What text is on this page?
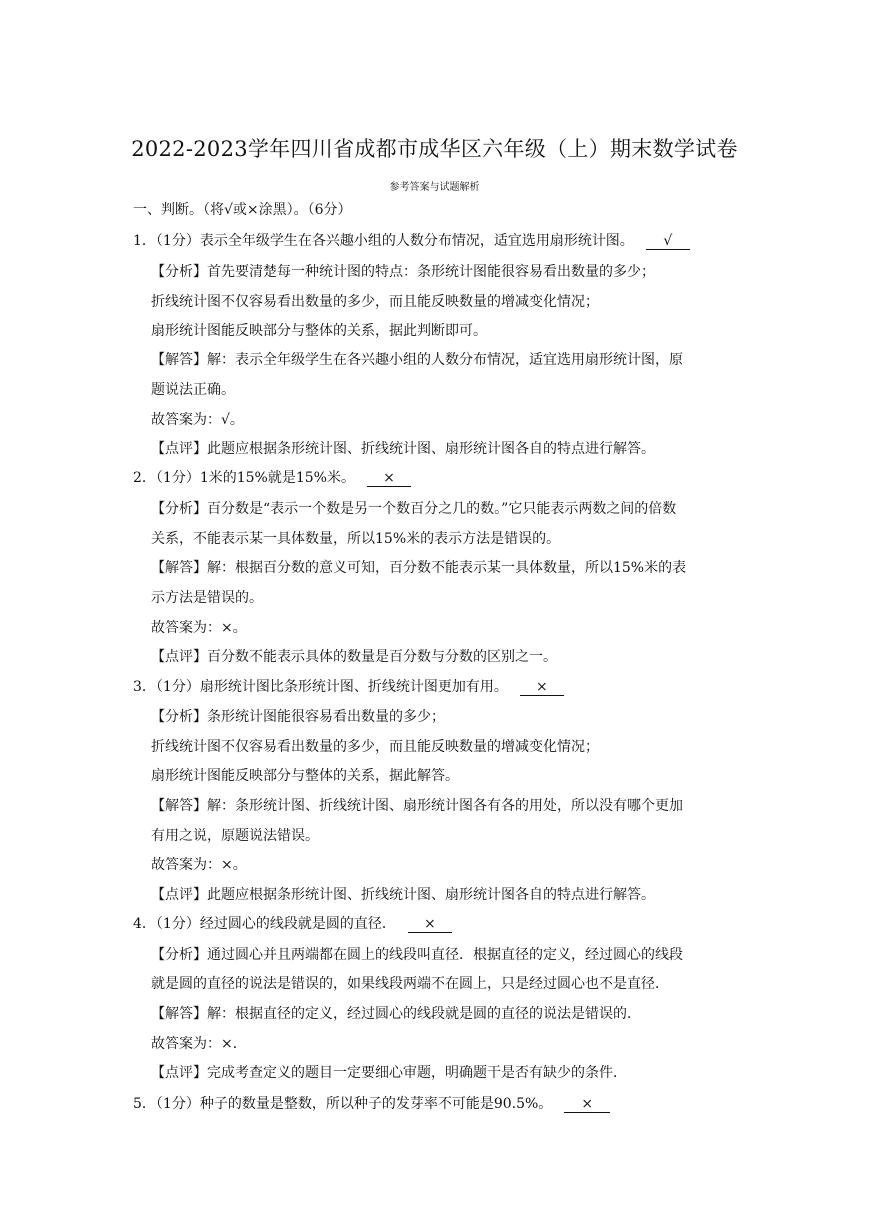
2022-2023学年四川省成都市成华区六年级（上）期末数学试卷
参考答案与试题解析
一、判断。（将√或×涂黑）。（6分）
1．（1分）表示全年级学生在各兴趣小组的人数分布情况，适宜选用扇形统计图。 √
【分析】首先要清楚每一种统计图的特点：条形统计图能很容易看出数量的多少；
折线统计图不仅容易看出数量的多少，而且能反映数量的增减变化情况；
扇形统计图能反映部分与整体的关系，据此判断即可。
【解答】解：表示全年级学生在各兴趣小组的人数分布情况，适宜选用扇形统计图，原
题说法正确。
故答案为：√。
【点评】此题应根据条形统计图、折线统计图、扇形统计图各自的特点进行解答。
2．（1分）1米的15%就是15%米。 ×
【分析】百分数是“表示一个数是另一个数百分之几的数。”它只能表示两数之间的倍数
关系，不能表示某一具体数量，所以15%米的表示方法是错误的。
【解答】解：根据百分数的意义可知，百分数不能表示某一具体数量，所以15%米的表
示方法是错误的。
故答案为：×。
【点评】百分数不能表示具体的数量是百分数与分数的区别之一。
3．（1分）扇形统计图比条形统计图、折线统计图更加有用。 ×
【分析】条形统计图能很容易看出数量的多少；
折线统计图不仅容易看出数量的多少，而且能反映数量的增减变化情况；
扇形统计图能反映部分与整体的关系，据此解答。
【解答】解：条形统计图、折线统计图、扇形统计图各有各的用处，所以没有哪个更加
有用之说，原题说法错误。
故答案为：×。
【点评】此题应根据条形统计图、折线统计图、扇形统计图各自的特点进行解答。
4．（1分）经过圆心的线段就是圆的直径． ×
【分析】通过圆心并且两端都在圆上的线段叫直径．根据直径的定义，经过圆心的线段
就是圆的直径的说法是错误的，如果线段两端不在圆上，只是经过圆心也不是直径．
【解答】解：根据直径的定义，经过圆心的线段就是圆的直径的说法是错误的．
故答案为：×．
【点评】完成考查定义的题目一定要细心审题，明确题干是否有缺少的条件．
5．（1分）种子的数量是整数，所以种子的发芽率不可能是90.5%。 ×
